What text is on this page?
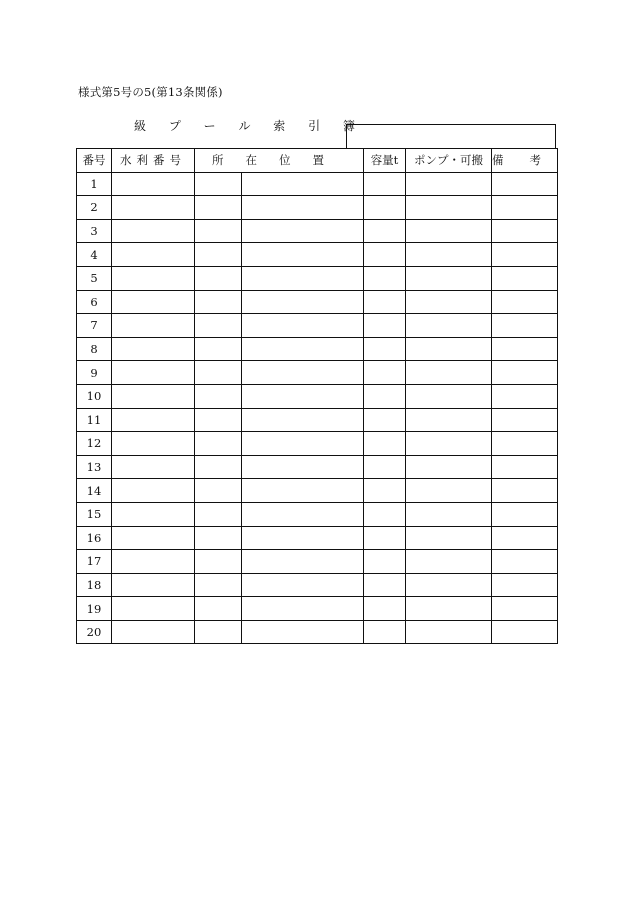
様式第5号の5(第13条関係)
級 プ ー ル 索 引 簿
番号	水利番号	所在位置		容量t	ポンプ・可搬	備考
1						
2						
3						
4						
5						
6						
7						
8						
9						
10						
11						
12						
13						
14						
15						
16						
17						
18						
19						
20						
